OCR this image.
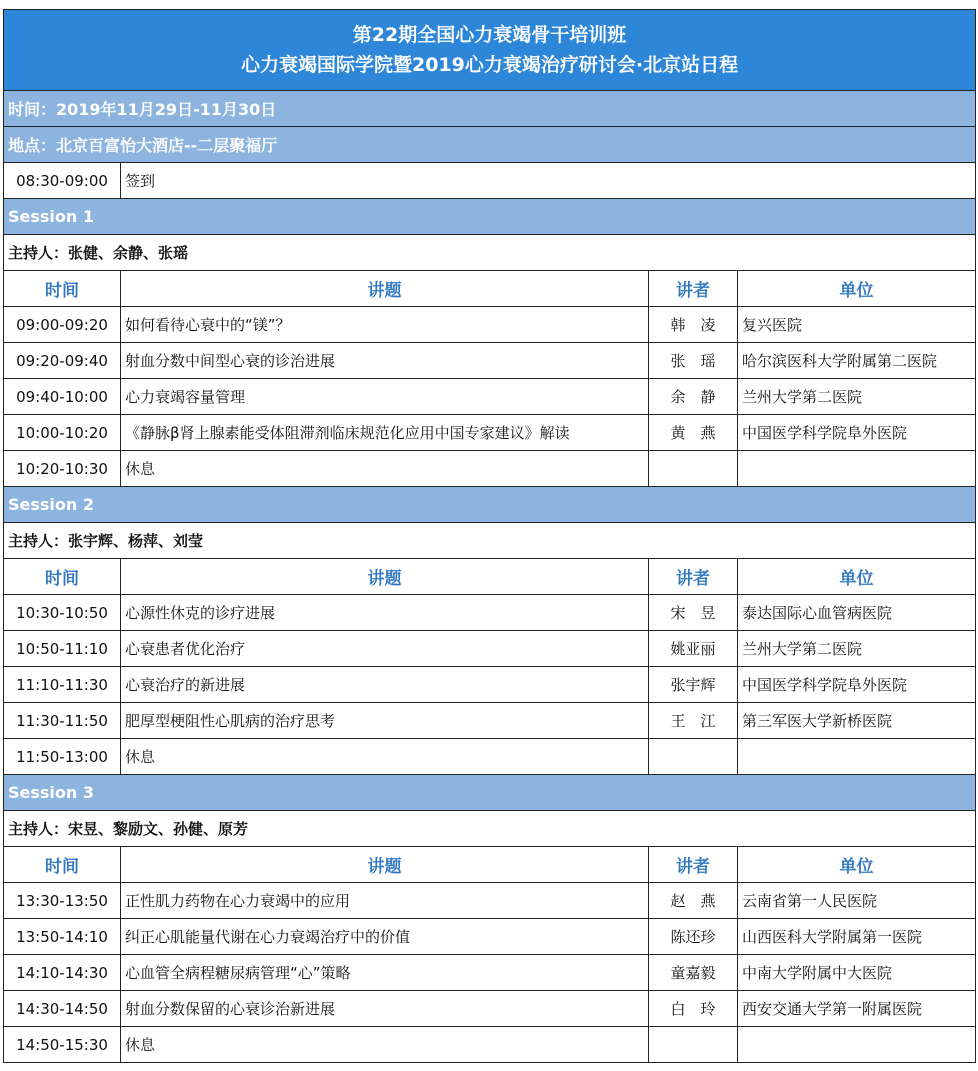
第22期全国心力衰竭骨干培训班
心力衰竭国际学院暨2019心力衰竭治疗研讨会·北京站日程			

时间：2019年11月29日-11月30日			
地点：北京百富怡大酒店--二层聚福厅			
08:30-09:00	签到		
Session 1			
主持人：张健、余静、张瑶			
时间	讲题	讲者	单位
09:00-09:20	如何看待心衰中的“镁”？	韩　凌	复兴医院
09:20-09:40	射血分数中间型心衰的诊治进展	张　瑶	哈尔滨医科大学附属第二医院
09:40-10:00	心力衰竭容量管理	余　静	兰州大学第二医院
10:00-10:20	《静脉β肾上腺素能受体阻滞剂临床规范化应用中国专家建议》解读	黄　燕	中国医学科学院阜外医院
10:20-10:30	休息		
Session 2			
主持人：张宇辉、杨萍、刘莹			
时间	讲题	讲者	单位
10:30-10:50	心源性休克的诊疗进展	宋　昱	泰达国际心血管病医院
10:50-11:10	心衰患者优化治疗	姚亚丽	兰州大学第二医院
11:10-11:30	心衰治疗的新进展	张宇辉	中国医学科学院阜外医院
11:30-11:50	肥厚型梗阻性心肌病的治疗思考	王　江	第三军医大学新桥医院
11:50-13:00	休息		
Session 3			
主持人：宋昱、黎励文、孙健、原芳			
时间	讲题	讲者	单位
13:30-13:50	正性肌力药物在心力衰竭中的应用	赵　燕	云南省第一人民医院
13:50-14:10	纠正心肌能量代谢在心力衰竭治疗中的价值	陈还珍	山西医科大学附属第一医院
14:10-14:30	心血管全病程糖尿病管理“心”策略	童嘉毅	中南大学附属中大医院
14:30-14:50	射血分数保留的心衰诊治新进展	白　玲	西安交通大学第一附属医院
14:50-15:30	休息		
